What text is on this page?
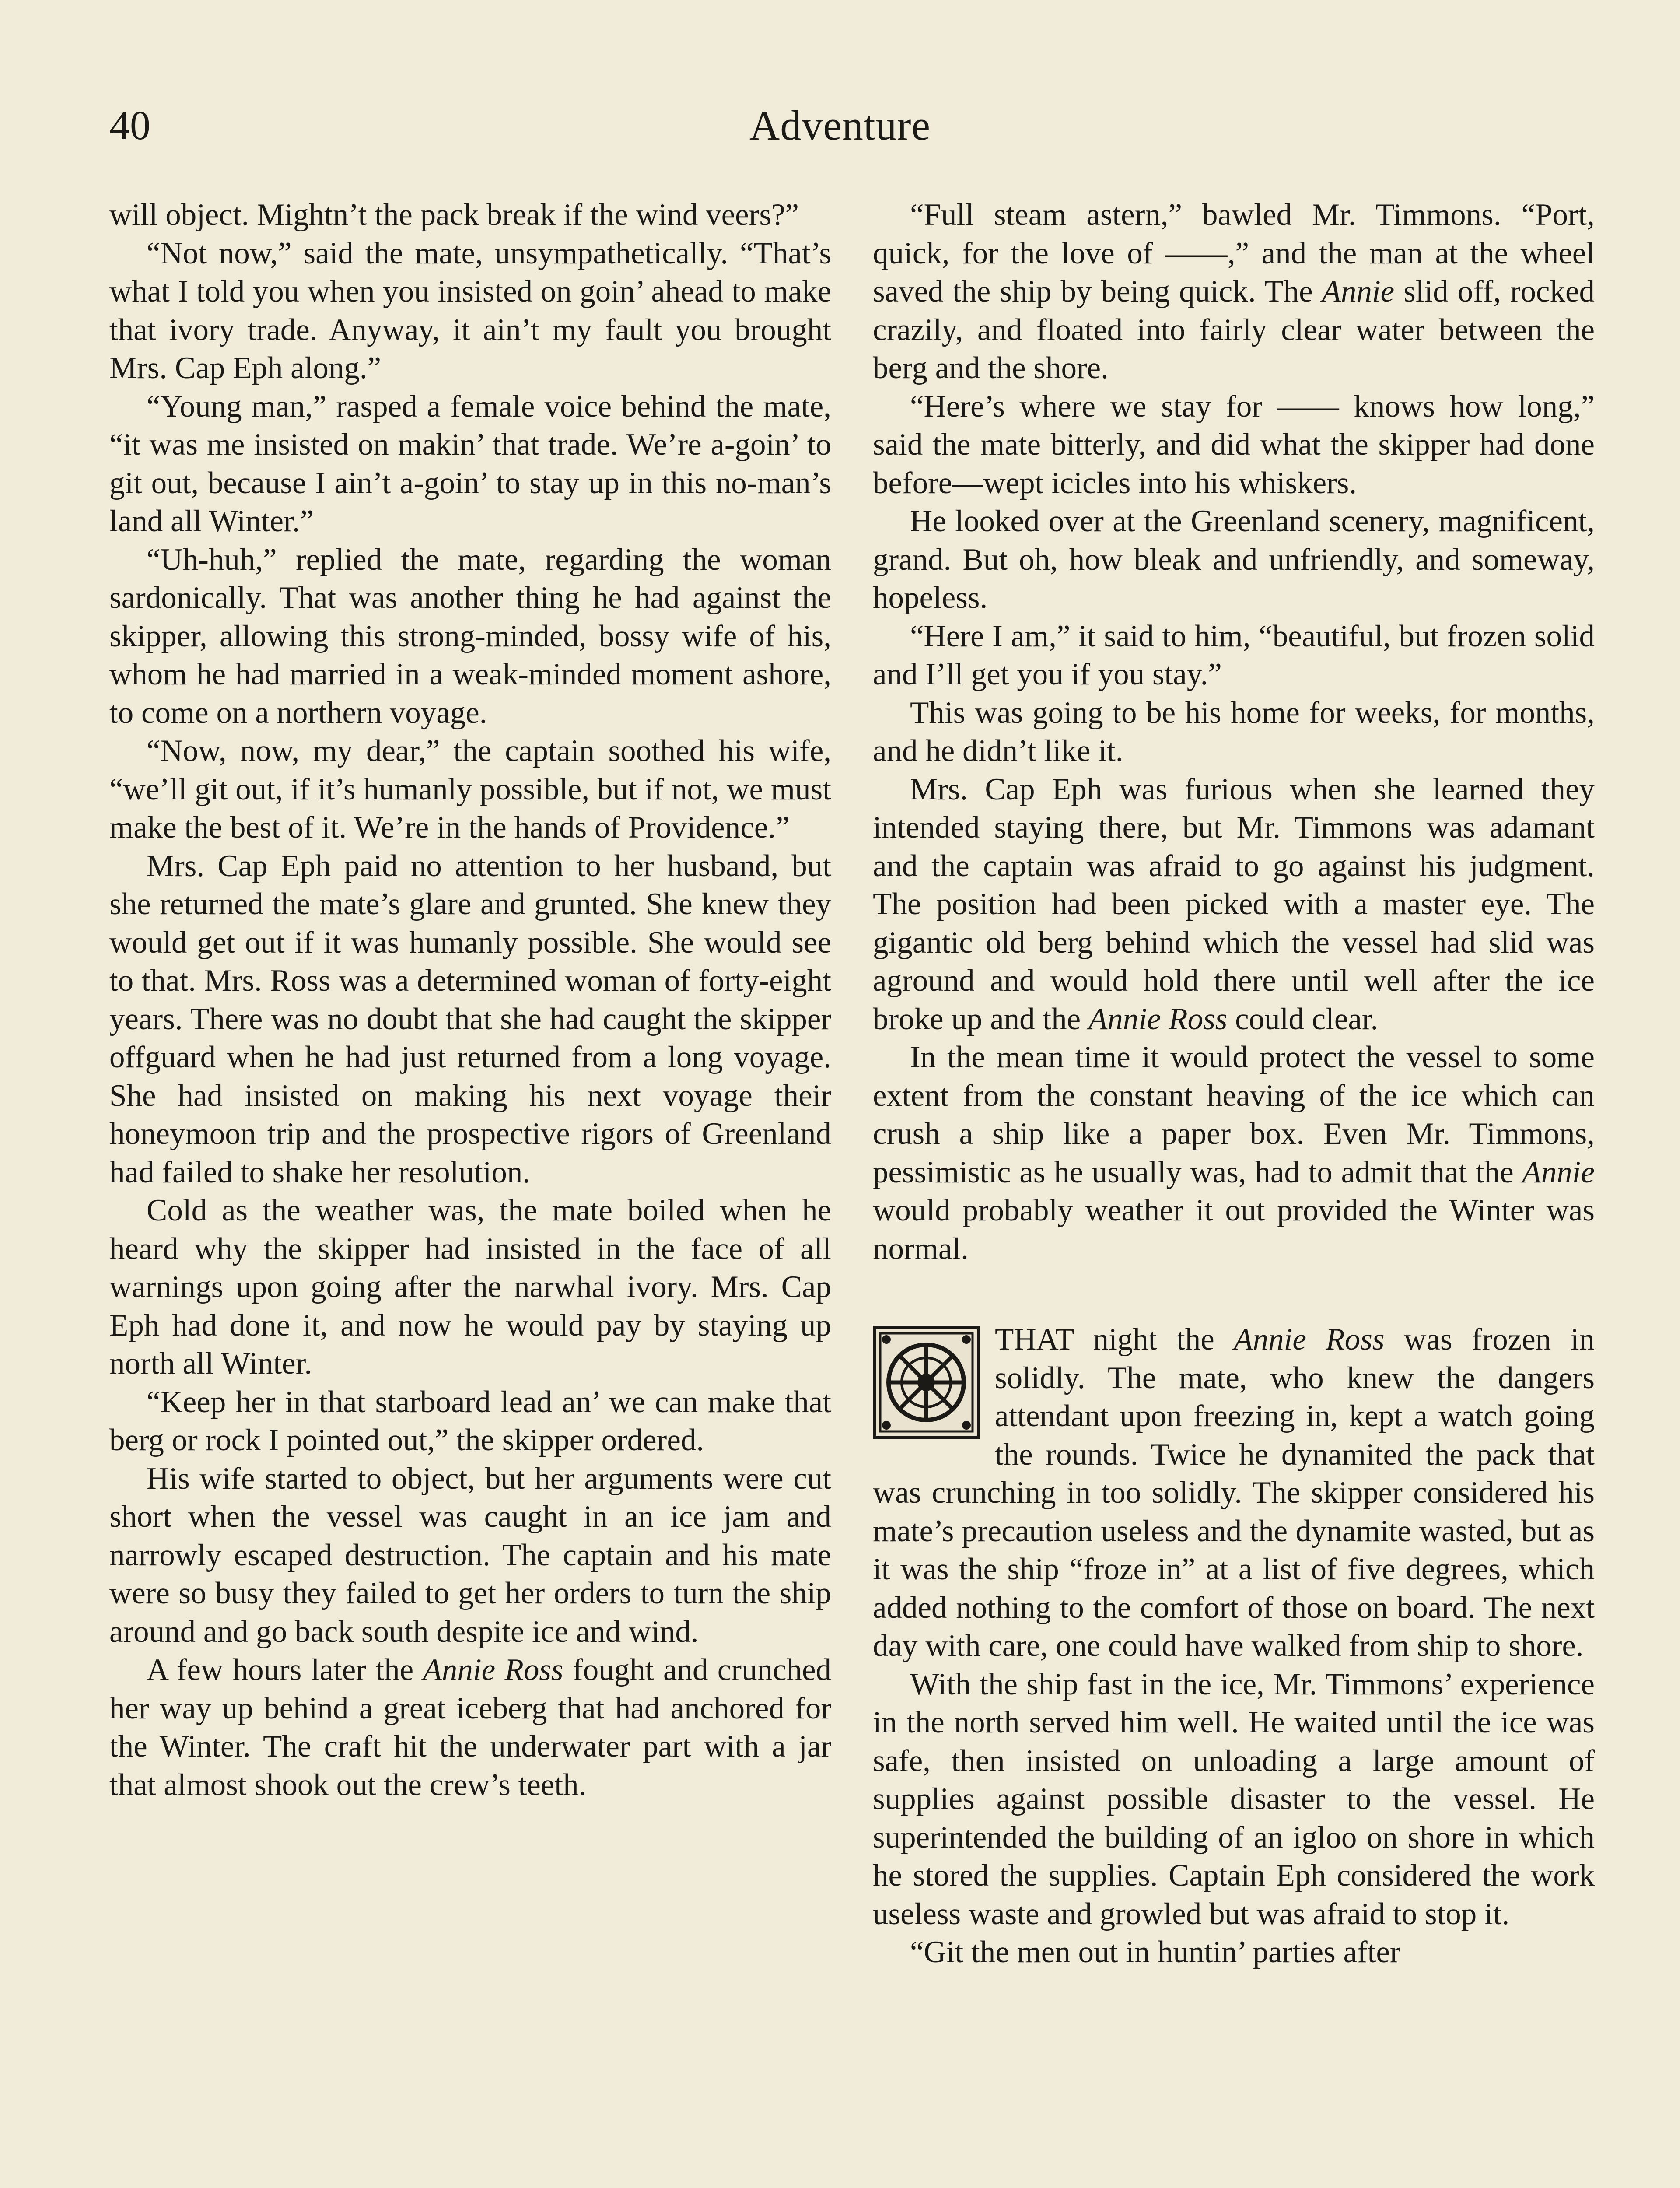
40	Adventure

will object. Mightn’t the pack break if the wind veers?”

“Not now,” said the mate, unsympathetically. “That’s what I told you when you insisted on goin’ ahead to make that ivory trade. Anyway, it ain’t my fault you brought Mrs. Cap Eph along.”

“Young man,” rasped a female voice behind the mate, “it was me insisted on makin’ that trade. We’re a-goin’ to git out, because I ain’t a-goin’ to stay up in this no-man’s land all Winter.”

“Uh-huh,” replied the mate, regarding the woman sardonically. That was another thing he had against the skipper, allowing this strong-minded, bossy wife of his, whom he had married in a weak-minded moment ashore, to come on a northern voyage.

“Now, now, my dear,” the captain soothed his wife, “we’ll git out, if it’s humanly possible, but if not, we must make the best of it. We’re in the hands of Providence.”

Mrs. Cap Eph paid no attention to her husband, but she returned the mate’s glare and grunted. She knew they would get out if it was humanly possible. She would see to that. Mrs. Ross was a determined woman of forty-eight years. There was no doubt that she had caught the skipper offguard when he had just returned from a long voyage. She had insisted on making his next voyage their honeymoon trip and the prospective rigors of Greenland had failed to shake her resolution.

Cold as the weather was, the mate boiled when he heard why the skipper had insisted in the face of all warnings upon going after the narwhal ivory. Mrs. Cap Eph had done it, and now he would pay by staying up north all Winter.

“Keep her in that starboard lead an’ we can make that berg or rock I pointed out,” the skipper ordered.

His wife started to object, but her arguments were cut short when the vessel was caught in an ice jam and narrowly escaped destruction. The captain and his mate were so busy they failed to get her orders to turn the ship around and go back south despite ice and wind.

A few hours later the Annie Ross fought and crunched her way up behind a great iceberg that had anchored for the Winter. The craft hit the underwater part with a jar that almost shook out the crew’s teeth.

“Full steam astern,” bawled Mr. Timmons. “Port, quick, for the love of ——,” and the man at the wheel saved the ship by being quick. The Annie slid off, rocked crazily, and floated into fairly clear water between the berg and the shore.

“Here’s where we stay for —— knows how long,” said the mate bitterly, and did what the skipper had done before—wept icicles into his whiskers.

He looked over at the Greenland scenery, magnificent, grand. But oh, how bleak and unfriendly, and someway, hopeless.

“Here I am,” it said to him, “beautiful, but frozen solid and I’ll get you if you stay.”

This was going to be his home for weeks, for months, and he didn’t like it.

Mrs. Cap Eph was furious when she learned they intended staying there, but Mr. Timmons was adamant and the captain was afraid to go against his judgment. The position had been picked with a master eye. The gigantic old berg behind which the vessel had slid was aground and would hold there until well after the ice broke up and the Annie Ross could clear.

In the mean time it would protect the vessel to some extent from the constant heaving of the ice which can crush a ship like a paper box. Even Mr. Timmons, pessimistic as he usually was, had to admit that the Annie would probably weather it out provided the Winter was normal.

THAT night the Annie Ross was frozen in solidly. The mate, who knew the dangers attendant upon freezing in, kept a watch going the rounds. Twice he dynamited the pack that was crunching in too solidly. The skipper considered his mate’s precaution useless and the dynamite wasted, but as it was the ship “froze in” at a list of five degrees, which added nothing to the comfort of those on board. The next day with care, one could have walked from ship to shore.

With the ship fast in the ice, Mr. Timmons’ experience in the north served him well. He waited until the ice was safe, then insisted on unloading a large amount of supplies against possible disaster to the vessel. He superintended the building of an igloo on shore in which he stored the supplies. Captain Eph considered the work useless waste and growled but was afraid to stop it.

“Git the men out in huntin’ parties after
